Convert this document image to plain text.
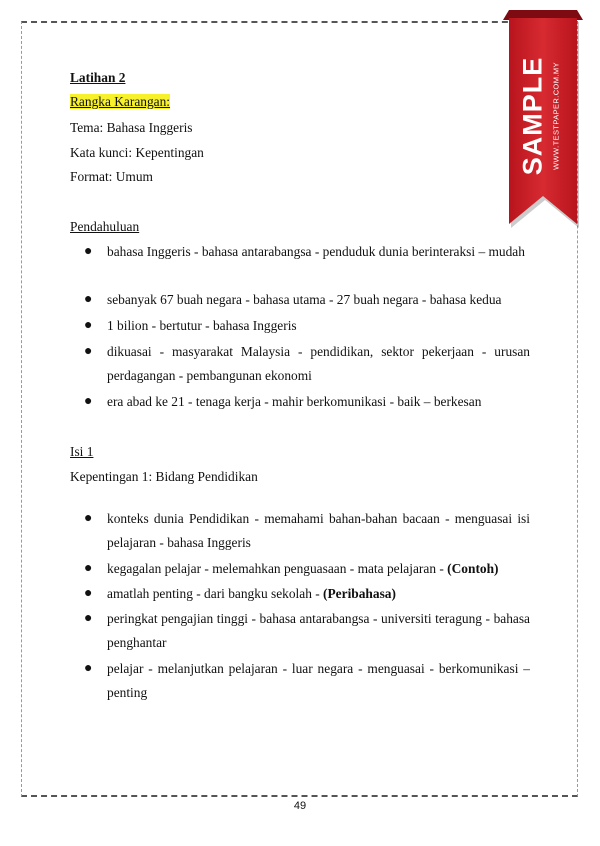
Latihan 2
Rangka Karangan:
Tema: Bahasa Inggeris
Kata kunci: Kepentingan
Format: Umum
Pendahuluan
● bahasa Inggeris - bahasa antarabangsa - penduduk dunia berinteraksi – mudah
● sebanyak 67 buah negara - bahasa utama - 27 buah negara - bahasa kedua
● 1 bilion - bertutur - bahasa Inggeris
● dikuasai - masyarakat Malaysia - pendidikan, sektor pekerjaan - urusan perdagangan - pembangunan ekonomi
● era abad ke 21 - tenaga kerja - mahir berkomunikasi - baik – berkesan
Isi 1
Kepentingan 1: Bidang Pendidikan
● konteks dunia Pendidikan - memahami bahan-bahan bacaan - menguasai isi pelajaran - bahasa Inggeris
● kegagalan pelajar - melemahkan penguasaan - mata pelajaran - (Contoh)
● amatlah penting - dari bangku sekolah - (Peribahasa)
● peringkat pengajian tinggi - bahasa antarabangsa - universiti teragung - bahasa penghantar
● pelajar - melanjutkan pelajaran - luar negara - menguasai - berkomunikasi – penting
49
SAMPLE WWW.TESTPAPER.COM.MY
